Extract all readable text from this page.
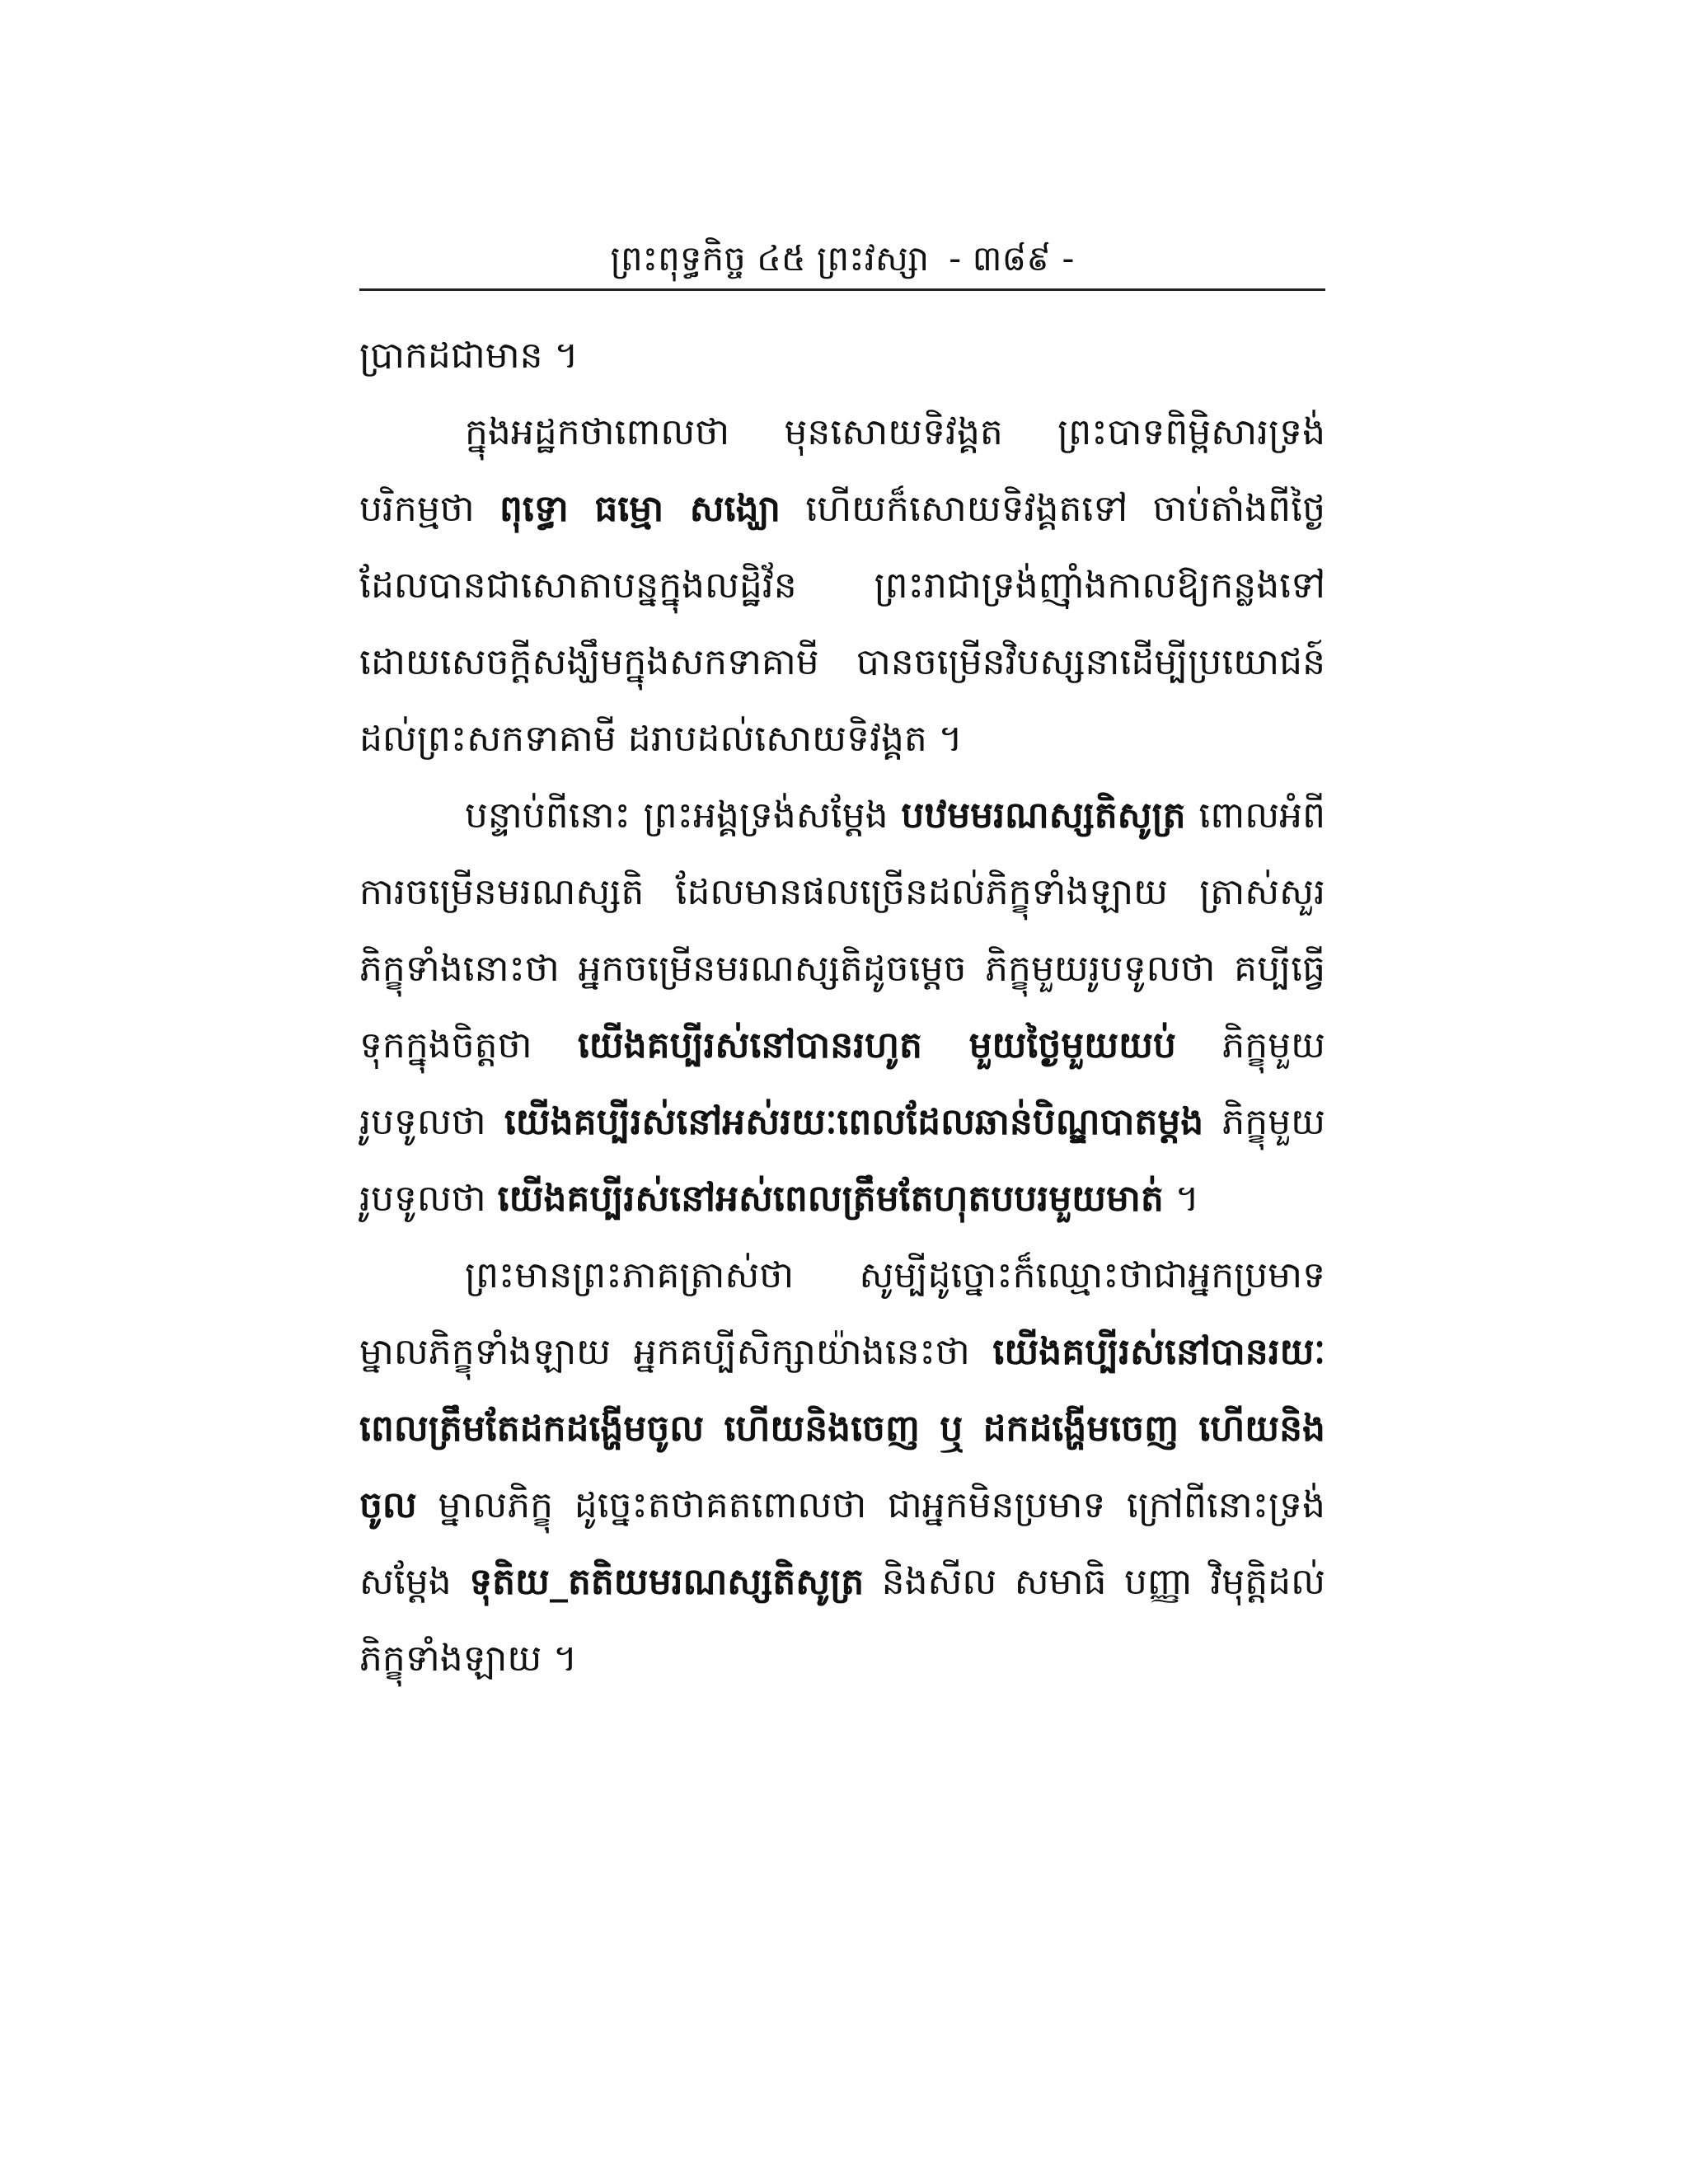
ព្រះពុទ្ធកិច្ច ៤៥ ព្រះវស្សា - ៣៨៩ -

ប្រាកដជាមាន ។

ក្នុងអដ្ឋកថាពោលថា មុនសោយទិវង្គត ព្រះបាទពិម្ពិសារទ្រង់បរិកម្មថា ពុទ្ធោ ធម្មោ សង្ឃោ ហើយក៏សោយទិវង្គតទៅ ចាប់តាំងពីថ្ងៃដែលបានជាសោតាបន្នក្នុងលដ្ឋិវ័ន ព្រះរាជាទ្រង់ញ៉ាំងកាលឱ្យកន្លងទៅ ដោយសេចក្ដីសង្ឃឹមក្នុងសកទាគាមី បានចម្រើនវិបស្សនាដើម្បីប្រយោជន៍ដល់ព្រះសកទាគាមី ដរាបដល់សោយទិវង្គត ។

បន្ទាប់ពីនោះ ព្រះអង្គទ្រង់សម្ដែង បឋមមរណស្សតិសូត្រ ពោលអំពីការចម្រើនមរណស្សតិ ដែលមានផលច្រើនដល់ភិក្ខុទាំងឡាយ ត្រាស់សួរភិក្ខុទាំងនោះថា អ្នកចម្រើនមរណស្សតិដូចម្ដេច ភិក្ខុមួយរូបទូលថា គប្បីធ្វើទុកក្នុងចិត្តថា យើងគប្បីរស់នៅបានរហូត មួយថ្ងៃមួយយប់ ភិក្ខុមួយរូបទូលថា យើងគប្បីរស់នៅអស់រយៈពេលដែលឆាន់បិណ្ឌបាតម្ដង ភិក្ខុមួយរូបទូលថា យើងគប្បីរស់នៅអស់ពេលត្រឹមតែហុតបបរមួយមាត់ ។

ព្រះមានព្រះភាគត្រាស់ថា សូម្បីដូច្នោះក៏ឈ្មោះថាជាអ្នកប្រមាទ ម្នាលភិក្ខុទាំងឡាយ អ្នកគប្បីសិក្សាយ៉ាងនេះថា យើងគប្បីរស់នៅបានរយៈពេលត្រឹមតែដកដង្ហើមចូល ហើយនិងចេញ ឬ ដកដង្ហើមចេញ ហើយនិងចូល ម្នាលភិក្ខុ ដូច្នេះតថាគតពោលថា ជាអ្នកមិនប្រមាទ ក្រៅពីនោះទ្រង់សម្ដែង ទុតិយ_តតិយមរណស្សតិសូត្រ និងសីល សមាធិ បញ្ញា វិមុត្តិដល់ភិក្ខុទាំងឡាយ ។
